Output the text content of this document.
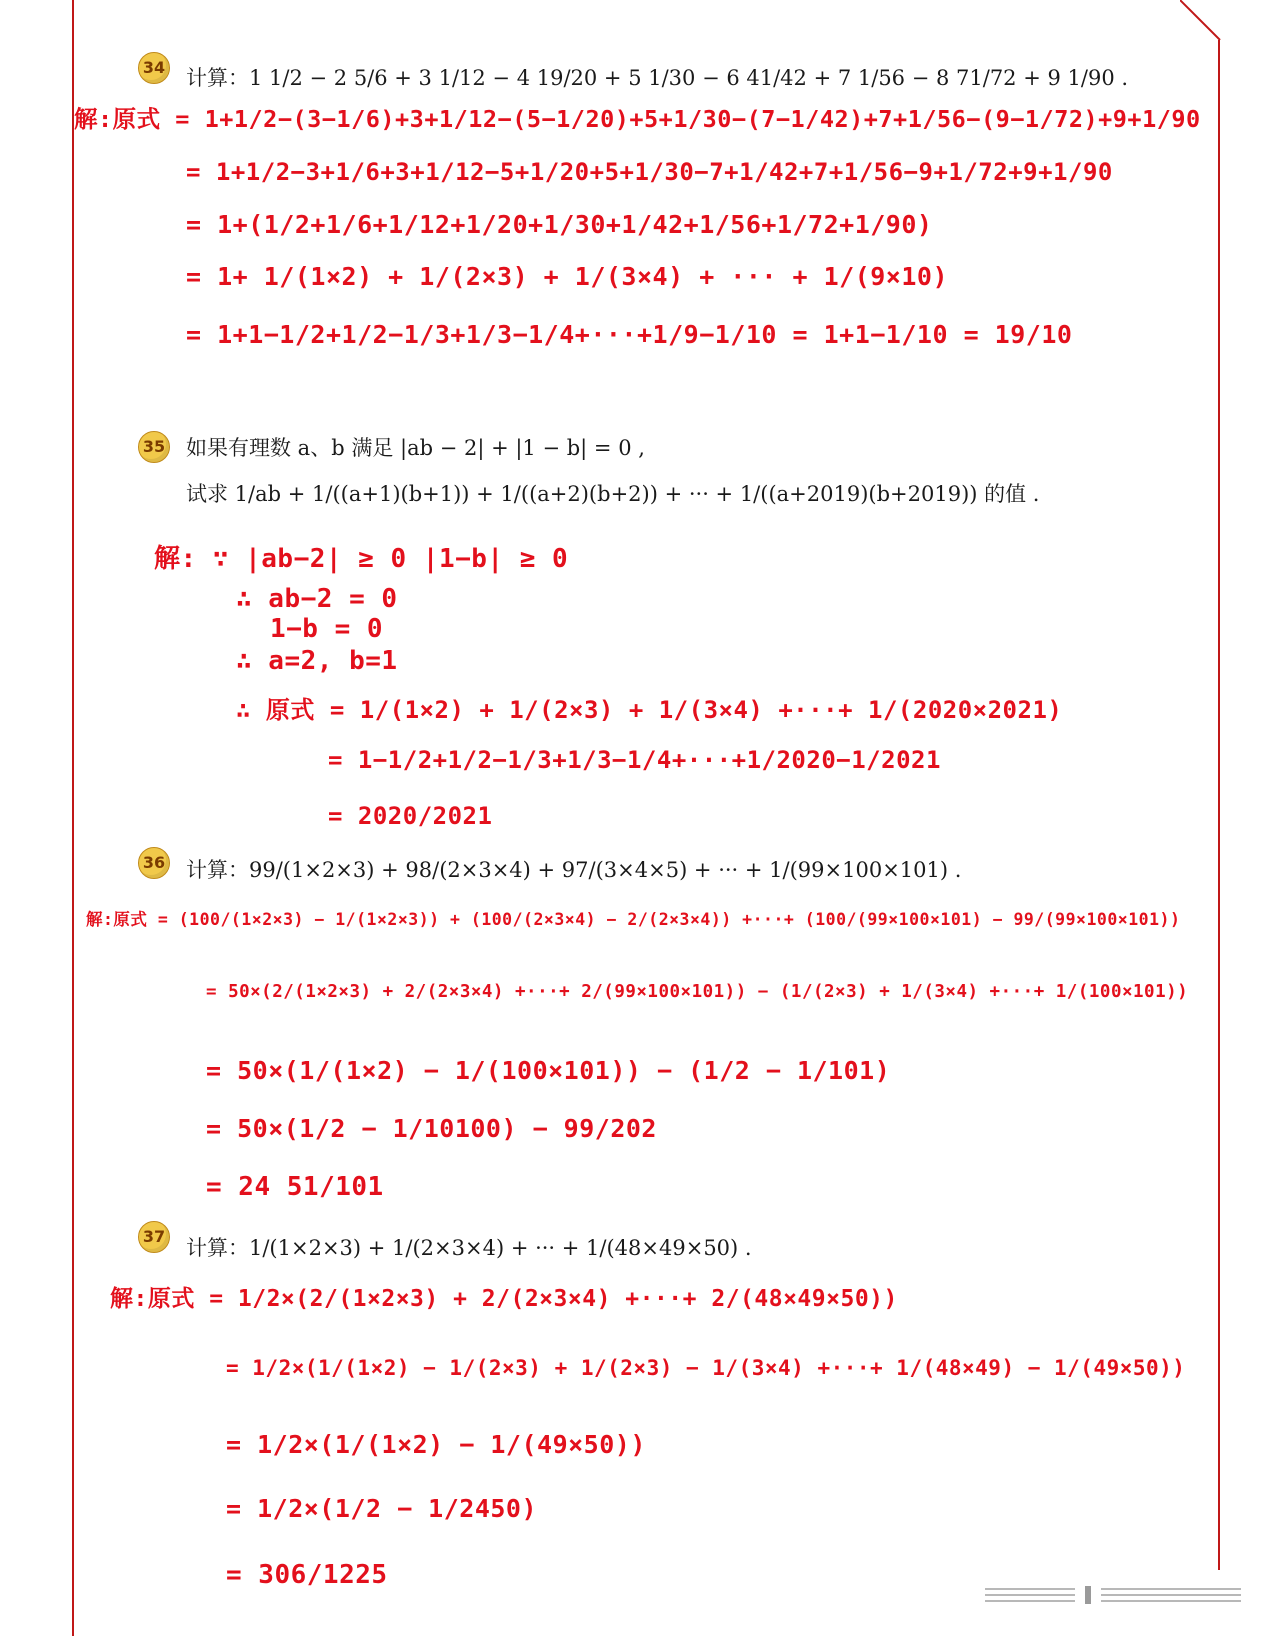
34 计算：1 1/2 − 2 5/6 + 3 1/12 − 4 19/20 + 5 1/30 − 6 41/42 + 7 1/56 − 8 71/72 + 9 1/90 .
解:原式 = 1+1/2−(3−1/6)+3+1/12−(5−1/20)+5+1/30−(7−1/42)+7+1/56−(9−1/72)+9+1/90
= 1+1/2−3+1/6+3+1/12−5+1/20+5+1/30−7+1/42+7+1/56−9+1/72+9+1/90
= 1+(1/2+1/6+1/12+1/20+1/30+1/42+1/56+1/72+1/90)
= 1+ 1/(1×2) + 1/(2×3) + 1/(3×4) + ··· + 1/(9×10)
= 1+1−1/2+1/2−1/3+1/3−1/4+···+1/9−1/10 = 1+1−1/10 = 19/10
35 如果有理数 a、b 满足 |ab − 2| + |1 − b| = 0 ,
试求 1/ab + 1/((a+1)(b+1)) + 1/((a+2)(b+2)) + ··· + 1/((a+2019)(b+2019)) 的值 .
解: ∵ |ab−2| ≥ 0 |1−b| ≥ 0
∴ ab−2 = 0
1−b = 0
∴ a=2, b=1
∴ 原式 = 1/(1×2) + 1/(2×3) + 1/(3×4) +···+ 1/(2020×2021)
= 1−1/2+1/2−1/3+1/3−1/4+···+1/2020−1/2021
= 2020/2021
36 计算：99/(1×2×3) + 98/(2×3×4) + 97/(3×4×5) + ··· + 1/(99×100×101) .
解:原式 = (100/(1×2×3) − 1/(1×2×3)) + (100/(2×3×4) − 2/(2×3×4)) +···+ (100/(99×100×101) − 99/(99×100×101))
= 50×(2/(1×2×3) + 2/(2×3×4) +···+ 2/(99×100×101)) − (1/(2×3) + 1/(3×4) +···+ 1/(100×101))
= 50×(1/(1×2) − 1/(100×101)) − (1/2 − 1/101)
= 50×(1/2 − 1/10100) − 99/202
= 24 51/101
37 计算：1/(1×2×3) + 1/(2×3×4) + ··· + 1/(48×49×50) .
解:原式 = 1/2×(2/(1×2×3) + 2/(2×3×4) +···+ 2/(48×49×50))
= 1/2×(1/(1×2) − 1/(2×3) + 1/(2×3) − 1/(3×4) +···+ 1/(48×49) − 1/(49×50))
= 1/2×(1/(1×2) − 1/(49×50))
= 1/2×(1/2 − 1/2450)
= 306/1225
